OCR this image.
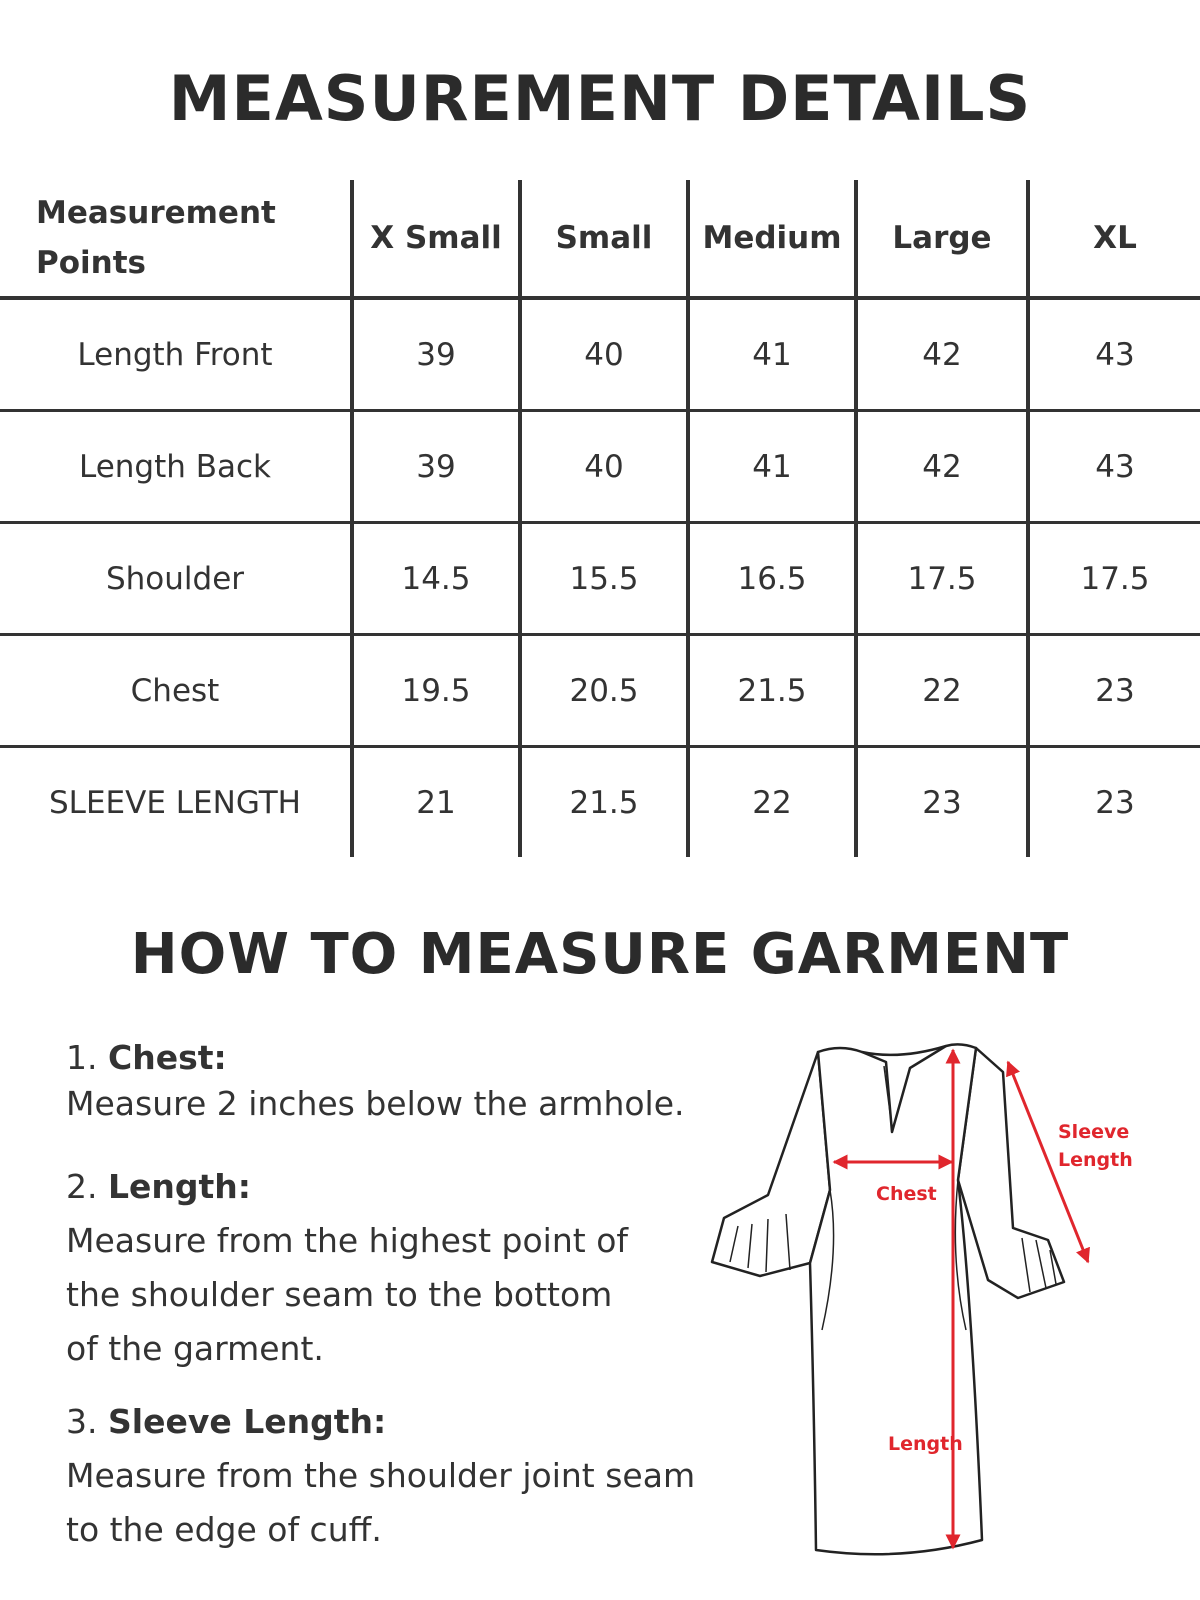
MEASUREMENT DETAILS
Measurement
Points	X Small	Small	Medium	Large	XL
Length Front	39	40	41	42	43
Length Back	39	40	41	42	43
Shoulder	14.5	15.5	16.5	17.5	17.5
Chest	19.5	20.5	21.5	22	23
SLEEVE LENGTH	21	21.5	22	23	23
HOW TO MEASURE GARMENT
1. Chest:
Measure 2 inches below the armhole.
2. Length:
Measure from the highest point of
the shoulder seam to the bottom
of the garment.
3. Sleeve Length:
Measure from the shoulder joint seam
to the edge of cuff.
Chest
Length
Sleeve
Length
